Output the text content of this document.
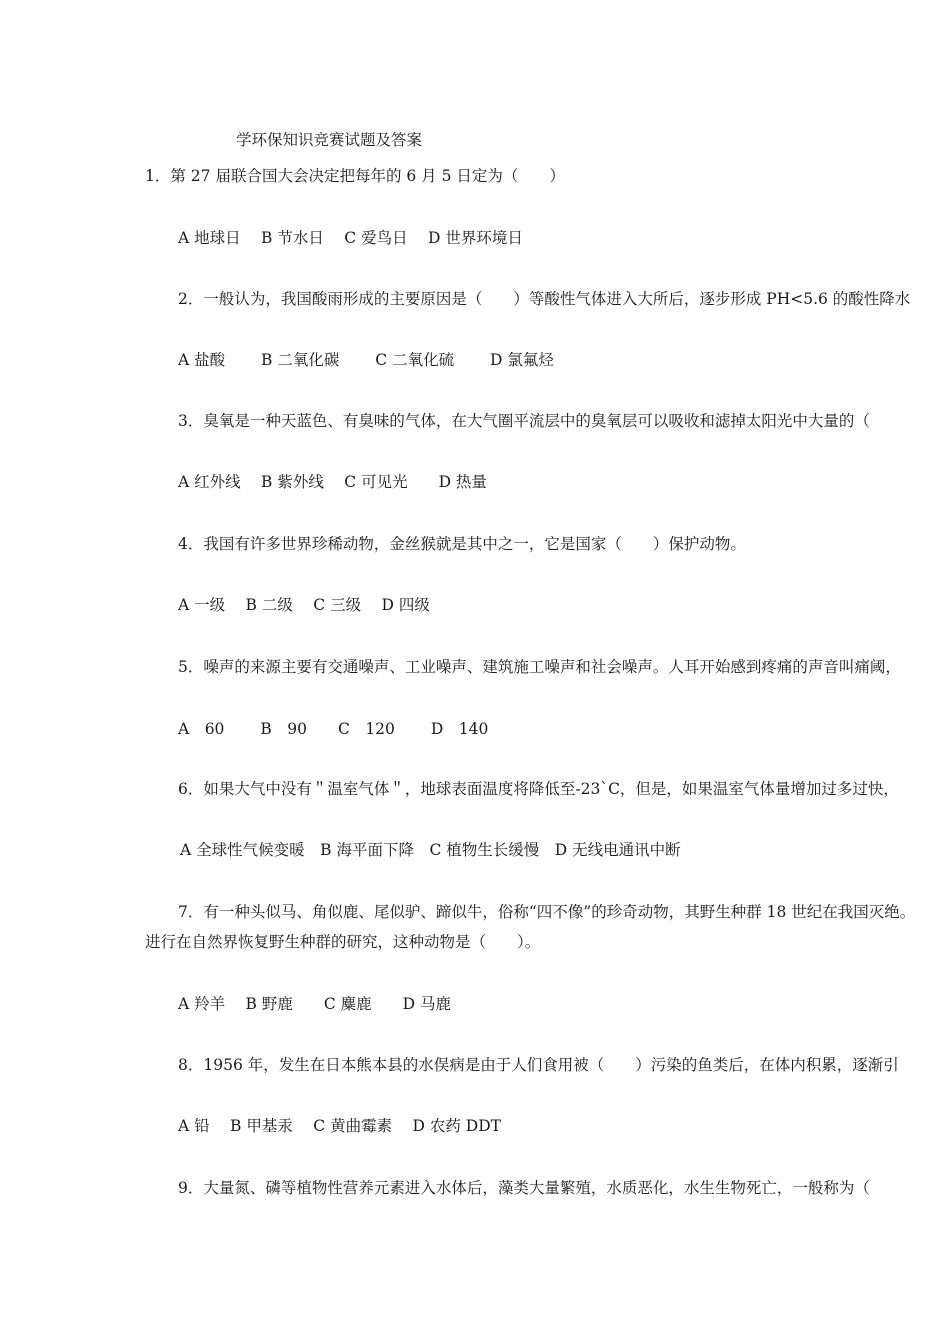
学环保知识竞赛试题及答案
1．第 27 届联合国大会决定把每年的 6 月 5 日定为（　　）
A 地球日　 B 节水日　 C 爱鸟日　 D 世界环境日
2．一般认为，我国酸雨形成的主要原因是（　　）等酸性气体进入大所后，逐步形成 PH<5.6 的酸性降水
A 盐酸　　 B 二氧化碳　　 C 二氧化硫　　 D 氯氟烃
3．臭氧是一种天蓝色、有臭味的气体，在大气圈平流层中的臭氧层可以吸收和滤掉太阳光中大量的（
A 红外线　 B 紫外线　 C 可见光　　D 热量
4．我国有许多世界珍稀动物，金丝猴就是其中之一，它是国家（　　）保护动物。
A 一级　 B 二级　 C 三级　 D 四级
5．噪声的来源主要有交通噪声、工业噪声、建筑施工噪声和社会噪声。人耳开始感到疼痛的声音叫痛阈，
A　60　　 B　90　　C　120　　 D　140
6．如果大气中没有＂温室气体＂，地球表面温度将降低至-23`C，但是，如果温室气体量增加过多过快，
A 全球性气候变暖　B 海平面下降　C 植物生长缓慢　D 无线电通讯中断
7．有一种头似马、角似鹿、尾似驴、蹄似牛，俗称“四不像”的珍奇动物，其野生种群 18 世纪在我国灭绝。
进行在自然界恢复野生种群的研究，这种动物是（　　）。
A 羚羊　 B 野鹿　　C 麋鹿　　D 马鹿
8．1956 年，发生在日本熊本县的水俣病是由于人们食用被（　　）污染的鱼类后，在体内积累，逐渐引
A 铅　 B 甲基汞　 C 黄曲霉素　 D 农药 DDT
9．大量氮、磷等植物性营养元素进入水体后，藻类大量繁殖，水质恶化，水生生物死亡，一般称为（
